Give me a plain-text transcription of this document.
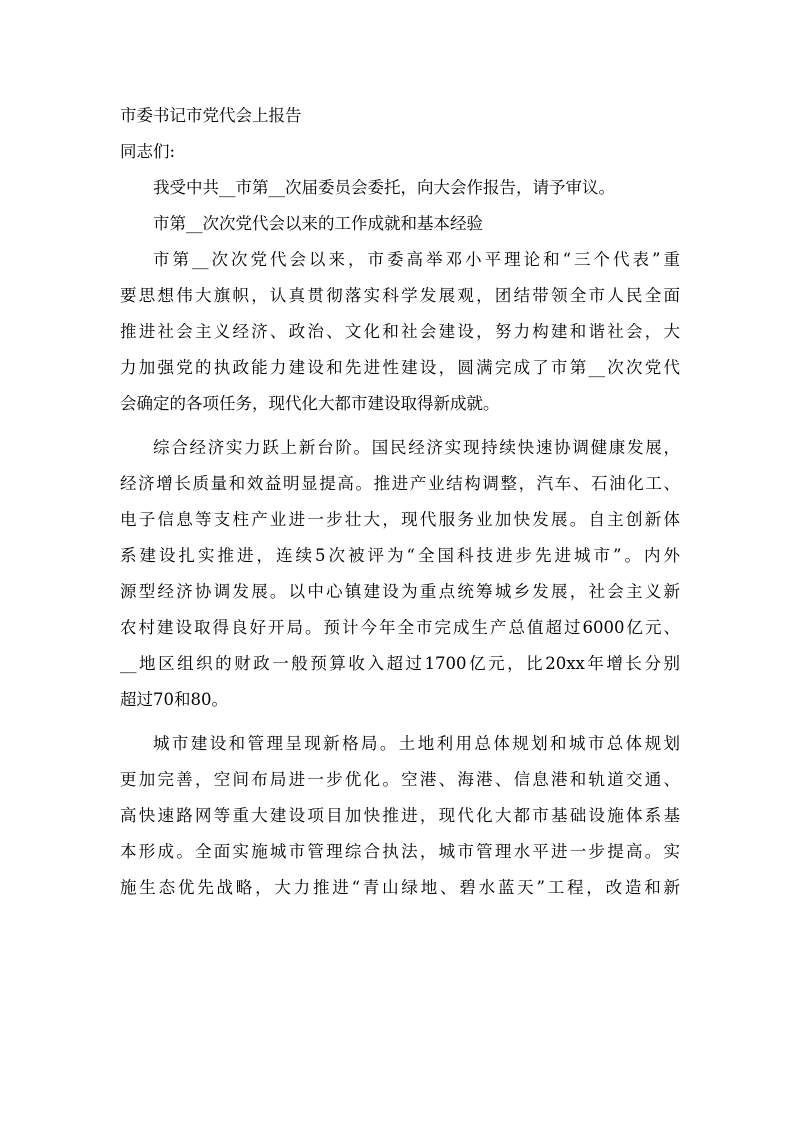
市委书记市党代会上报告

同志们:

我受中共__市第__次届委员会委托，向大会作报告，请予审议。

市第__次次党代会以来的工作成就和基本经验

市第__次次党代会以来，市委高举邓小平理论和“三个代表”重

要思想伟大旗帜，认真贯彻落实科学发展观，团结带领全市人民全面

推进社会主义经济、政治、文化和社会建设，努力构建和谐社会，大

力加强党的执政能力建设和先进性建设，圆满完成了市第__次次党代

会确定的各项任务，现代化大都市建设取得新成就。

综合经济实力跃上新台阶。国民经济实现持续快速协调健康发展，

经济增长质量和效益明显提高。推进产业结构调整，汽车、石油化工、

电子信息等支柱产业进一步壮大，现代服务业加快发展。自主创新体

系建设扎实推进，连续5次被评为“全国科技进步先进城市”。内外

源型经济协调发展。以中心镇建设为重点统筹城乡发展，社会主义新

农村建设取得良好开局。预计今年全市完成生产总值超过6000亿元、

__地区组织的财政一般预算收入超过1700亿元，比20xx年增长分别

超过70和80。

城市建设和管理呈现新格局。土地利用总体规划和城市总体规划

更加完善，空间布局进一步优化。空港、海港、信息港和轨道交通、

高快速路网等重大建设项目加快推进，现代化大都市基础设施体系基

本形成。全面实施城市管理综合执法，城市管理水平进一步提高。实

施生态优先战略，大力推进“青山绿地、碧水蓝天”工程，改造和新
